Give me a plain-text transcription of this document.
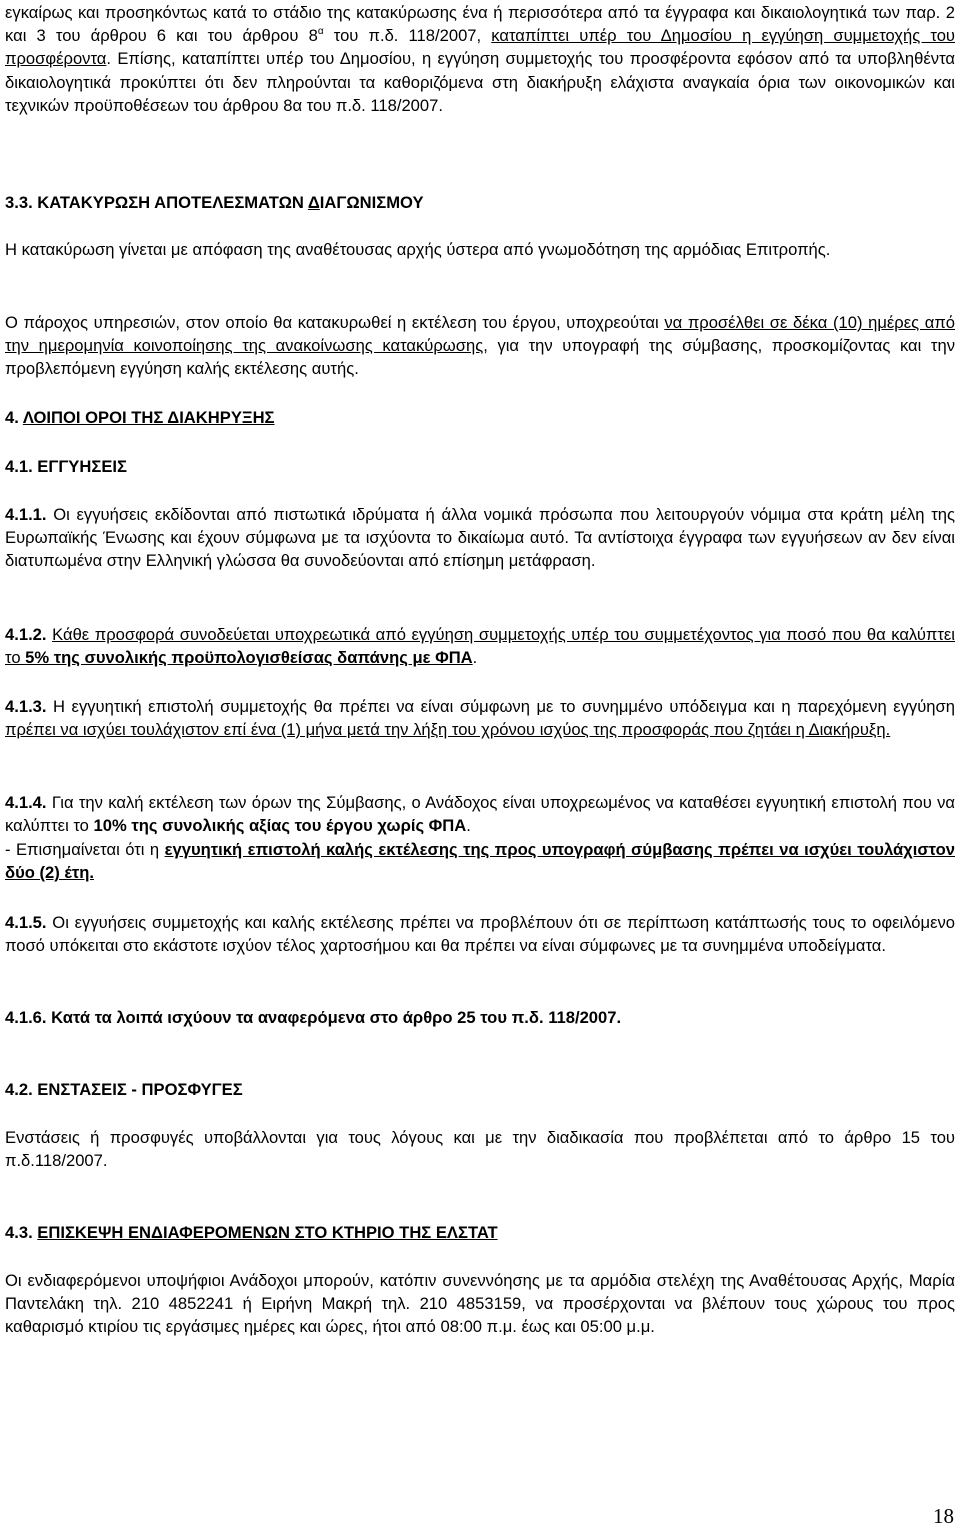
εγκαίρως και προσηκόντως κατά το στάδιο της κατακύρωσης ένα ή περισσότερα από τα έγγραφα και δικαιολογητικά των παρ. 2 και 3 του άρθρου 6 και του άρθρου $8^\alpha$ του π.δ. 118/2007, καταπίπτει υπέρ του Δημοσίου η εγγύηση συμμετοχής του προσφέροντα. Επίσης, καταπίπτει υπέρ του Δημοσίου, η εγγύηση συμμετοχής του προσφέροντα εφόσον από τα υποβληθέντα δικαιολογητικά προκύπτει ότι δεν πληρούνται τα καθοριζόμενα στη διακήρυξη ελάχιστα αναγκαία όρια των οικονομικών και τεχνικών προϋποθέσεων του άρθρου 8α του π.δ. 118/2007.

3.3. ΚΑΤΑΚΥΡΩΣΗ ΑΠΟΤΕΛΕΣΜΑΤΩΝ ΔΙΑΓΩΝΙΣΜΟΥ

Η κατακύρωση γίνεται με απόφαση της αναθέτουσας αρχής ύστερα από γνωμοδότηση της αρμόδιας Επιτροπής.

Ο πάροχος υπηρεσιών, στον οποίο θα κατακυρωθεί η εκτέλεση του έργου, υποχρεούται να προσέλθει σε δέκα (10) ημέρες από την ημερομηνία κοινοποίησης της ανακοίνωσης κατακύρωσης, για την υπογραφή της σύμβασης, προσκομίζοντας και την προβλεπόμενη εγγύηση καλής εκτέλεσης αυτής.

4. ΛΟΙΠΟΙ ΟΡΟΙ ΤΗΣ ΔΙΑΚΗΡΥΞΗΣ

4.1. ΕΓΓΥΗΣΕΙΣ

4.1.1. Οι εγγυήσεις εκδίδονται από πιστωτικά ιδρύματα ή άλλα νομικά πρόσωπα που λειτουργούν νόμιμα στα κράτη μέλη της Ευρωπαϊκής Ένωσης και έχουν σύμφωνα με τα ισχύοντα το δικαίωμα αυτό. Τα αντίστοιχα έγγραφα των εγγυήσεων αν δεν είναι διατυπωμένα στην Ελληνική γλώσσα θα συνοδεύονται από επίσημη μετάφραση.

4.1.2. Κάθε προσφορά συνοδεύεται υποχρεωτικά από εγγύηση συμμετοχής υπέρ του συμμετέχοντος για ποσό που θα καλύπτει το 5% της συνολικής προϋπολογισθείσας δαπάνης με ΦΠΑ.

4.1.3. Η εγγυητική επιστολή συμμετοχής θα πρέπει να είναι σύμφωνη με το συνημμένο υπόδειγμα και η παρεχόμενη εγγύηση πρέπει να ισχύει τουλάχιστον επί ένα (1) μήνα μετά την λήξη του χρόνου ισχύος της προσφοράς που ζητάει η Διακήρυξη.

4.1.4. Για την καλή εκτέλεση των όρων της Σύμβασης, ο Ανάδοχος είναι υποχρεωμένος να καταθέσει εγγυητική επιστολή που να καλύπτει το 10% της συνολικής αξίας του έργου χωρίς ΦΠΑ.

- Επισημαίνεται ότι η εγγυητική επιστολή καλής εκτέλεσης της προς υπογραφή σύμβασης πρέπει να ισχύει τουλάχιστον δύο (2) έτη.

4.1.5. Οι εγγυήσεις συμμετοχής και καλής εκτέλεσης πρέπει να προβλέπουν ότι σε περίπτωση κατάπτωσής τους το οφειλόμενο ποσό υπόκειται στο εκάστοτε ισχύον τέλος χαρτοσήμου και θα πρέπει να είναι σύμφωνες με τα συνημμένα υποδείγματα.

4.1.6. Κατά τα λοιπά ισχύουν τα αναφερόμενα στο άρθρο 25 του π.δ. 118/2007.

4.2. ΕΝΣΤΑΣΕΙΣ - ΠΡΟΣΦΥΓΕΣ

Ενστάσεις ή προσφυγές υποβάλλονται για τους λόγους και με την διαδικασία που προβλέπεται από το άρθρο 15 του π.δ.118/2007.

4.3. ΕΠΙΣΚΕΨΗ ΕΝΔΙΑΦΕΡΟΜΕΝΩΝ ΣΤΟ ΚΤΗΡΙΟ ΤΗΣ ΕΛΣΤΑΤ

Οι ενδιαφερόμενοι υποψήφιοι Ανάδοχοι μπορούν, κατόπιν συνεννόησης με τα αρμόδια στελέχη της Αναθέτουσας Αρχής, Μαρία Παντελάκη τηλ. 210 4852241 ή Ειρήνη Μακρή τηλ. 210 4853159, να προσέρχονται να βλέπουν τους χώρους του προς καθαρισμό κτιρίου τις εργάσιμες ημέρες και ώρες, ήτοι από 08:00 π.μ. έως και 05:00 μ.μ.

18
